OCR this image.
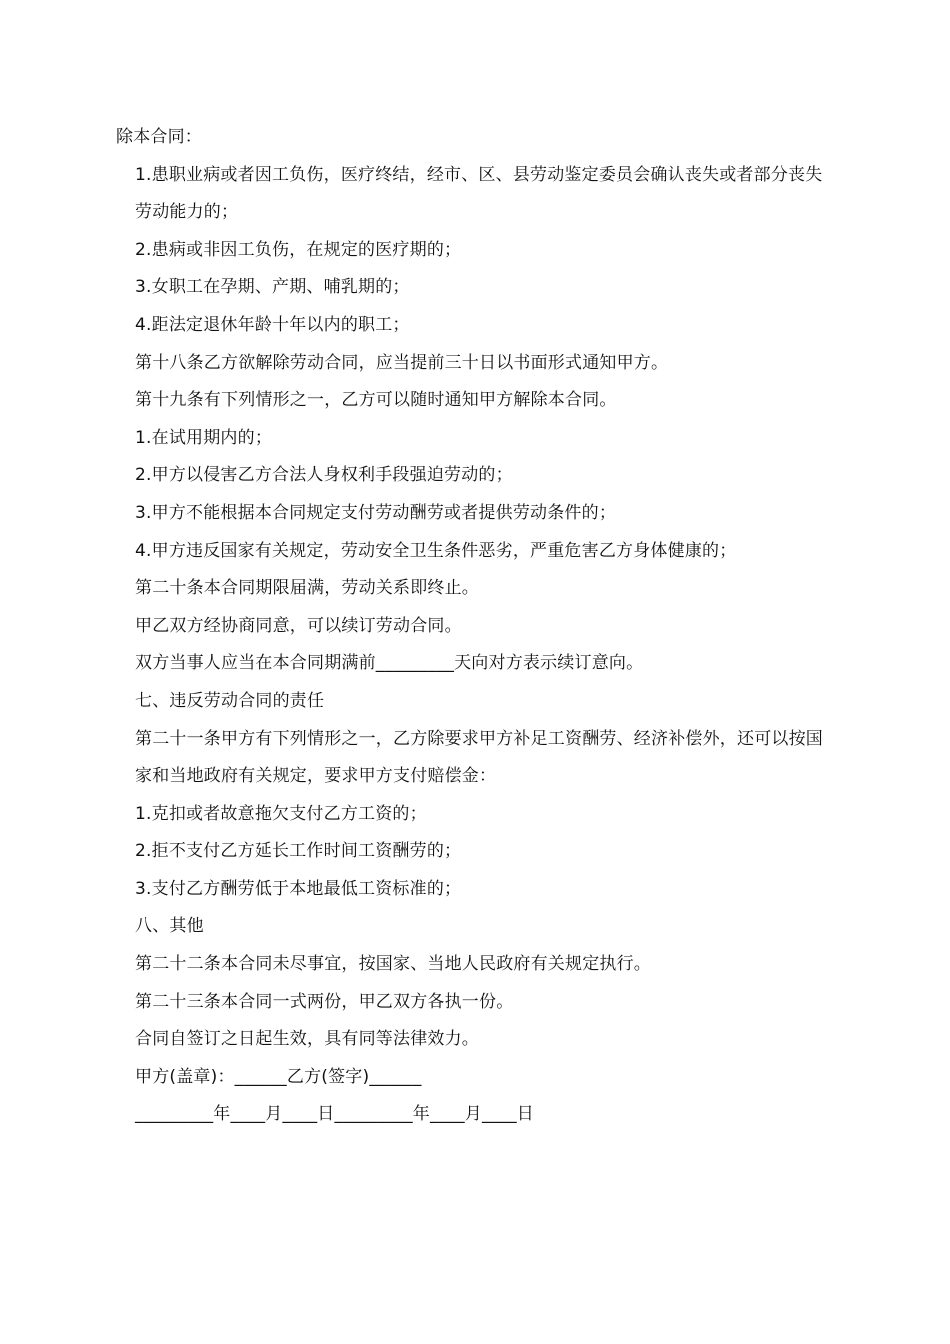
除本合同：

1.患职业病或者因工负伤，医疗终结，经市、区、县劳动鉴定委员会确认丧失或者部分丧失劳动能力的；

2.患病或非因工负伤，在规定的医疗期的；

3.女职工在孕期、产期、哺乳期的；

4.距法定退休年龄十年以内的职工；

第十八条乙方欲解除劳动合同，应当提前三十日以书面形式通知甲方。

第十九条有下列情形之一，乙方可以随时通知甲方解除本合同。

1.在试用期内的；

2.甲方以侵害乙方合法人身权利手段强迫劳动的；

3.甲方不能根据本合同规定支付劳动酬劳或者提供劳动条件的；

4.甲方违反国家有关规定，劳动安全卫生条件恶劣，严重危害乙方身体健康的；

第二十条本合同期限届满，劳动关系即终止。

甲乙双方经协商同意，可以续订劳动合同。

双方当事人应当在本合同期满前_________天向对方表示续订意向。

七、违反劳动合同的责任

第二十一条甲方有下列情形之一，乙方除要求甲方补足工资酬劳、经济补偿外，还可以按国家和当地政府有关规定，要求甲方支付赔偿金：

1.克扣或者故意拖欠支付乙方工资的；

2.拒不支付乙方延长工作时间工资酬劳的；

3.支付乙方酬劳低于本地最低工资标准的；

八、其他

第二十二条本合同未尽事宜，按国家、当地人民政府有关规定执行。

第二十三条本合同一式两份，甲乙双方各执一份。

合同自签订之日起生效，具有同等法律效力。

甲方(盖章)：______乙方(签字)______

_________年____月____日_________年____月____日
